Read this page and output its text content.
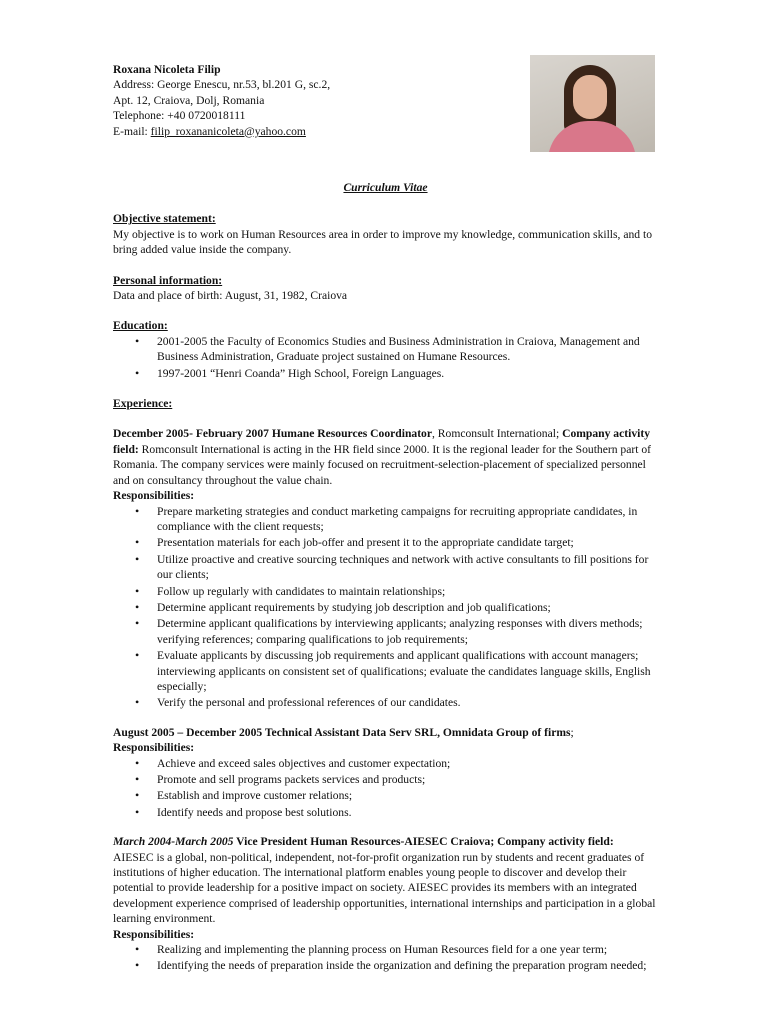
Roxana Nicoleta Filip

Address: George Enescu, nr.53, bl.201 G, sc.2,

Apt. 12, Craiova, Dolj, Romania

Telephone: +40 0720018111

E-mail: filip_roxananicoleta@yahoo.com

Curriculum Vitae

Objective statement:

My objective is to work on Human Resources area in order to improve my knowledge, communication skills, and to bring added value inside the company.

Personal information:

Data and place of birth: August, 31, 1982, Craiova

Education:

• 2001-2005 the Faculty of Economics Studies and Business Administration in Craiova, Management and Business Administration, Graduate project sustained on Humane Resources.
• 1997-2001 “Henri Coanda” High School, Foreign Languages.

Experience:

December 2005- February 2007 Humane Resources Coordinator, Romconsult International; Company activity field: Romconsult International is acting in the HR field since 2000. It is the regional leader for the Southern part of Romania. The company services were mainly focused on recruitment-selection-placement of specialized personnel and on consultancy throughout the value chain.

Responsibilities:

• Prepare marketing strategies and conduct marketing campaigns for recruiting appropriate candidates, in compliance with the client requests;
• Presentation materials for each job-offer and present it to the appropriate candidate target;
• Utilize proactive and creative sourcing techniques and network with active consultants to fill positions for our clients;
• Follow up regularly with candidates to maintain relationships;
• Determine applicant requirements by studying job description and job qualifications;
• Determine applicant qualifications by interviewing applicants; analyzing responses with divers methods; verifying references; comparing qualifications to job requirements;
• Evaluate applicants by discussing job requirements and applicant qualifications with account managers; interviewing applicants on consistent set of qualifications; evaluate the candidates language skills, English especially;
• Verify the personal and professional references of our candidates.

August 2005 – December 2005 Technical Assistant Data Serv SRL, Omnidata Group of firms;

Responsibilities:

• Achieve and exceed sales objectives and customer expectation;
• Promote and sell programs packets services and products;
• Establish and improve customer relations;
• Identify needs and propose best solutions.

March 2004-March 2005 Vice President Human Resources-AIESEC Craiova; Company activity field:

AIESEC is a global, non-political, independent, not-for-profit organization run by students and recent graduates of institutions of higher education. The international platform enables young people to discover and develop their potential to provide leadership for a positive impact on society. AIESEC provides its members with an integrated development experience comprised of leadership opportunities, international internships and participation in a global learning environment.

Responsibilities:

• Realizing and implementing the planning process on Human Resources field for a one year term;
• Identifying the needs of preparation inside the organization and defining the preparation program needed;
